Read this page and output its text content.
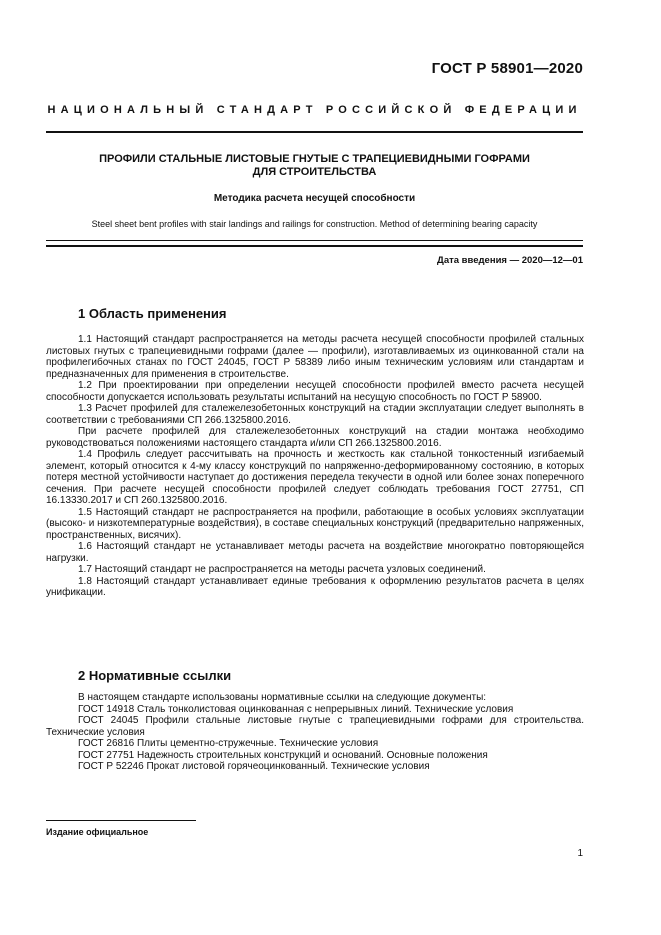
ГОСТ Р 58901—2020
НАЦИОНАЛЬНЫЙ СТАНДАРТ РОССИЙСКОЙ ФЕДЕРАЦИИ
ПРОФИЛИ СТАЛЬНЫЕ ЛИСТОВЫЕ ГНУТЫЕ С ТРАПЕЦИЕВИДНЫМИ ГОФРАМИ
ДЛЯ СТРОИТЕЛЬСТВА
Методика расчета несущей способности
Steel sheet bent profiles with stair landings and railings for construction. Method of determining bearing capacity
Дата введения — 2020—12—01
1 Область применения

1.1 Настоящий стандарт распространяется на методы расчета несущей способности профилей стальных листовых гнутых с трапециевидными гофрами (далее — профили), изготавливаемых из оцинкованной стали на профилегибочных станах по ГОСТ 24045, ГОСТ Р 58389 либо иным техническим условиям или стандартам и предназначенных для применения в строительстве.

1.2 При проектировании при определении несущей способности профилей вместо расчета несущей способности допускается использовать результаты испытаний на несущую способность по ГОСТ Р 58900.

1.3 Расчет профилей для сталежелезобетонных конструкций на стадии эксплуатации следует выполнять в соответствии с требованиями СП 266.1325800.2016.

При расчете профилей для сталежелезобетонных конструкций на стадии монтажа необходимо руководствоваться положениями настоящего стандарта и/или СП 266.1325800.2016.

1.4 Профиль следует рассчитывать на прочность и жесткость как стальной тонкостенный изгибаемый элемент, который относится к 4-му классу конструкций по напряженно-деформированному состоянию, в которых потеря местной устойчивости наступает до достижения передела текучести в одной или более зонах поперечного сечения. При расчете несущей способности профилей следует соблюдать требования ГОСТ 27751, СП 16.13330.2017 и СП 260.1325800.2016.

1.5 Настоящий стандарт не распространяется на профили, работающие в особых условиях эксплуатации (высоко- и низкотемпературные воздействия), в составе специальных конструкций (предварительно напряженных, пространственных, висячих).

1.6 Настоящий стандарт не устанавливает методы расчета на воздействие многократно повторяющейся нагрузки.

1.7 Настоящий стандарт не распространяется на методы расчета узловых соединений.

1.8 Настоящий стандарт устанавливает единые требования к оформлению результатов расчета в целях унификации.

2 Нормативные ссылки

В настоящем стандарте использованы нормативные ссылки на следующие документы:

ГОСТ 14918 Сталь тонколистовая оцинкованная с непрерывных линий. Технические условия

ГОСТ 24045 Профили стальные листовые гнутые с трапециевидными гофрами для строительства. Технические условия

ГОСТ 26816 Плиты цементно-стружечные. Технические условия

ГОСТ 27751 Надежность строительных конструкций и оснований. Основные положения

ГОСТ Р 52246 Прокат листовой горячеоцинкованный. Технические условия

Издание официальное
1
